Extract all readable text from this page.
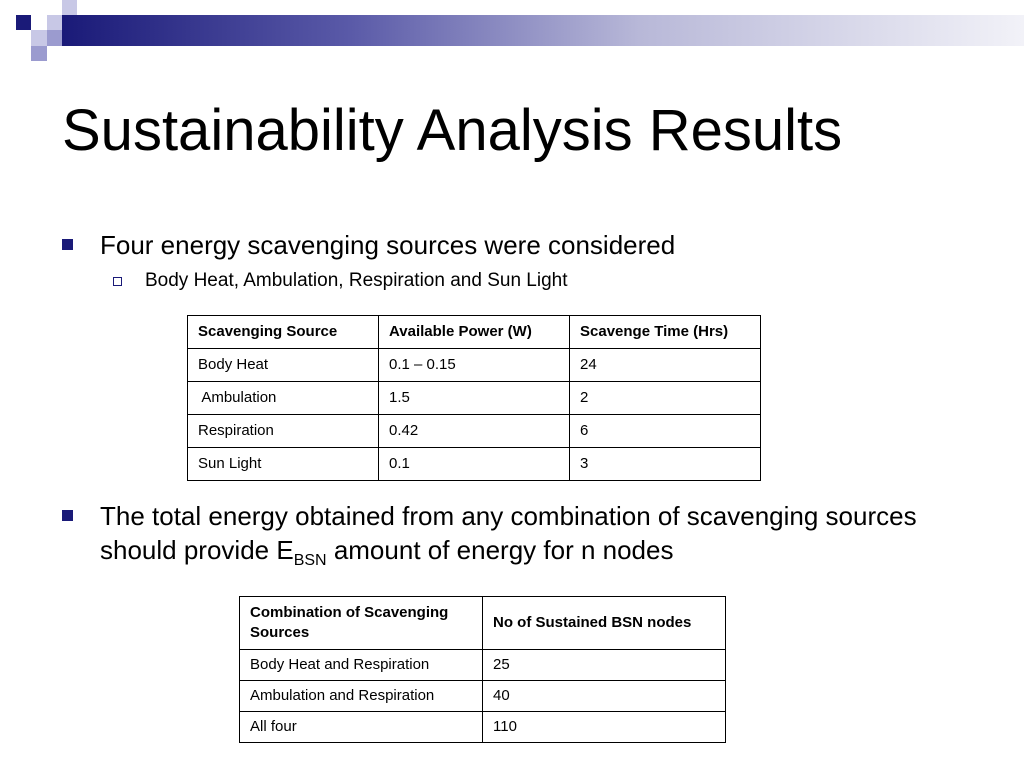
Sustainability Analysis Results
Four energy scavenging sources were considered
Body Heat, Ambulation, Respiration and Sun Light
Scavenging Source	Available Power (W)	Scavenge Time (Hrs)
Body Heat	0.1 – 0.15	24
Ambulation	1.5	2
Respiration	0.42	6
Sun Light	0.1	3
The total energy obtained from any combination of scavenging sources should provide $E_{BSN}$ amount of energy for n nodes
Combination of Scavenging Sources	No of Sustained BSN nodes
Body Heat and Respiration	25
Ambulation and Respiration	40
All four	110
